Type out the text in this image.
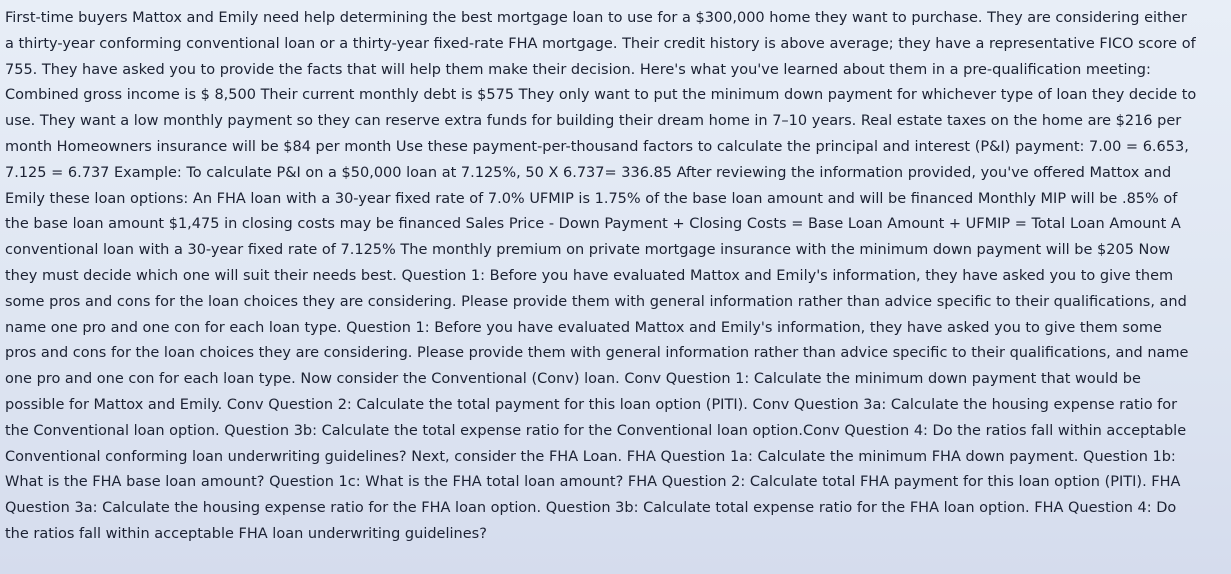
First-time buyers Mattox and Emily need help determining the best mortgage loan to use for a $300,000 home they want to purchase. They are considering either
a thirty-year conforming conventional loan or a thirty-year fixed-rate FHA mortgage. Their credit history is above average; they have a representative FICO score of
755. They have asked you to provide the facts that will help them make their decision. Here's what you've learned about them in a pre-qualification meeting:
Combined gross income is $ 8,500 Their current monthly debt is $575 They only want to put the minimum down payment for whichever type of loan they decide to
use. They want a low monthly payment so they can reserve extra funds for building their dream home in 7–10 years. Real estate taxes on the home are $216 per
month Homeowners insurance will be $84 per month Use these payment-per-thousand factors to calculate the principal and interest (P&I) payment: 7.00 = 6.653,
7.125 = 6.737 Example: To calculate P&I on a $50,000 loan at 7.125%, 50 X 6.737= 336.85 After reviewing the information provided, you've offered Mattox and
Emily these loan options: An FHA loan with a 30-year fixed rate of 7.0% UFMIP is 1.75% of the base loan amount and will be financed Monthly MIP will be .85% of
the base loan amount $1,475 in closing costs may be financed Sales Price - Down Payment + Closing Costs = Base Loan Amount + UFMIP = Total Loan Amount A
conventional loan with a 30-year fixed rate of 7.125% The monthly premium on private mortgage insurance with the minimum down payment will be $205 Now
they must decide which one will suit their needs best. Question 1: Before you have evaluated Mattox and Emily's information, they have asked you to give them
some pros and cons for the loan choices they are considering. Please provide them with general information rather than advice specific to their qualifications, and
name one pro and one con for each loan type. Question 1: Before you have evaluated Mattox and Emily's information, they have asked you to give them some
pros and cons for the loan choices they are considering. Please provide them with general information rather than advice specific to their qualifications, and name
one pro and one con for each loan type. Now consider the Conventional (Conv) loan. Conv Question 1: Calculate the minimum down payment that would be
possible for Mattox and Emily. Conv Question 2: Calculate the total payment for this loan option (PITI). Conv Question 3a: Calculate the housing expense ratio for
the Conventional loan option. Question 3b: Calculate the total expense ratio for the Conventional loan option.Conv Question 4: Do the ratios fall within acceptable
Conventional conforming loan underwriting guidelines? Next, consider the FHA Loan. FHA Question 1a: Calculate the minimum FHA down payment. Question 1b:
What is the FHA base loan amount? Question 1c: What is the FHA total loan amount? FHA Question 2: Calculate total FHA payment for this loan option (PITI). FHA
Question 3a: Calculate the housing expense ratio for the FHA loan option. Question 3b: Calculate total expense ratio for the FHA loan option. FHA Question 4: Do
the ratios fall within acceptable FHA loan underwriting guidelines?
